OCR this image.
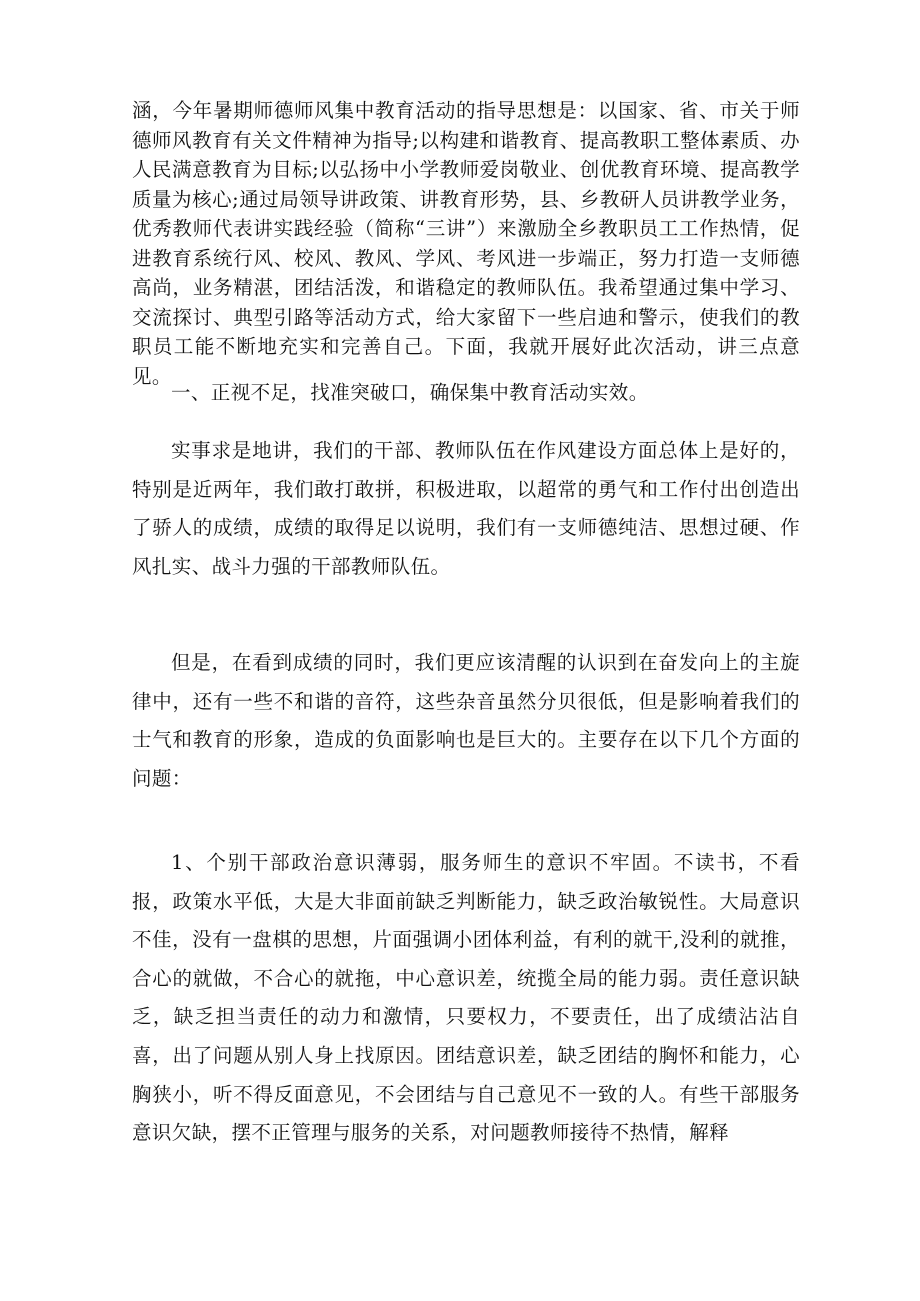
涵，今年暑期师德师风集中教育活动的指导思想是：以国家、省、市关于师德师风教育有关文件精神为指导;以构建和谐教育、提高教职工整体素质、办人民满意教育为目标;以弘扬中小学教师爱岗敬业、创优教育环境、提高教学质量为核心;通过局领导讲政策、讲教育形势，县、乡教研人员讲教学业务，优秀教师代表讲实践经验（简称“三讲”）来激励全乡教职员工工作热情，促进教育系统行风、校风、教风、学风、考风进一步端正，努力打造一支师德高尚，业务精湛，团结活泼，和谐稳定的教师队伍。我希望通过集中学习、交流探讨、典型引路等活动方式，给大家留下一些启迪和警示，使我们的教职员工能不断地充实和完善自己。下面，我就开展好此次活动，讲三点意见。

一、正视不足，找准突破口，确保集中教育活动实效。

实事求是地讲，我们的干部、教师队伍在作风建设方面总体上是好的，特别是近两年，我们敢打敢拼，积极进取，以超常的勇气和工作付出创造出了骄人的成绩，成绩的取得足以说明，我们有一支师德纯洁、思想过硬、作风扎实、战斗力强的干部教师队伍。

但是，在看到成绩的同时，我们更应该清醒的认识到在奋发向上的主旋律中，还有一些不和谐的音符，这些杂音虽然分贝很低，但是影响着我们的士气和教育的形象，造成的负面影响也是巨大的。主要存在以下几个方面的问题：

1、个别干部政治意识薄弱，服务师生的意识不牢固。不读书，不看报，政策水平低，大是大非面前缺乏判断能力，缺乏政治敏锐性。大局意识不佳，没有一盘棋的思想，片面强调小团体利益，有利的就干,没利的就推，合心的就做，不合心的就拖，中心意识差，统揽全局的能力弱。责任意识缺乏，缺乏担当责任的动力和激情，只要权力，不要责任，出了成绩沾沾自喜，出了问题从别人身上找原因。团结意识差，缺乏团结的胸怀和能力，心胸狭小，听不得反面意见，不会团结与自己意见不一致的人。有些干部服务意识欠缺，摆不正管理与服务的关系，对问题教师接待不热情，解释
